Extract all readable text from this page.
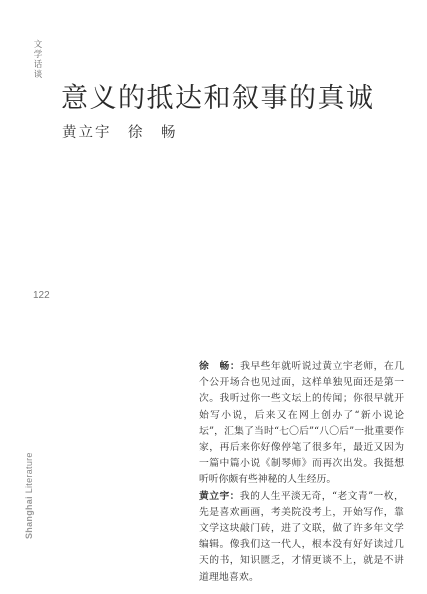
文学话谈
意义的抵达和叙事的真诚
黄立宇　徐　畅
122
Shanghai Literature

徐　畅：我早些年就听说过黄立宇老师，在几个公开场合也见过面，这样单独见面还是第一次。我听过你一些文坛上的传闻；你很早就开始写小说，后来又在网上创办了“新小说论坛”，汇集了当时“七〇后”“八〇后”一批重要作家，再后来你好像停笔了很多年，最近又因为一篇中篇小说《制琴师》而再次出发。我挺想听听你颇有些神秘的人生经历。

黄立宇：我的人生平淡无奇，“老文青”一枚，先是喜欢画画，考美院没考上，开始写作，靠文学这块敲门砖，进了文联，做了许多年文学编辑。像我们这一代人，根本没有好好读过几天的书，知识匮乏，才情更谈不上，就是不讲道理地喜欢。
